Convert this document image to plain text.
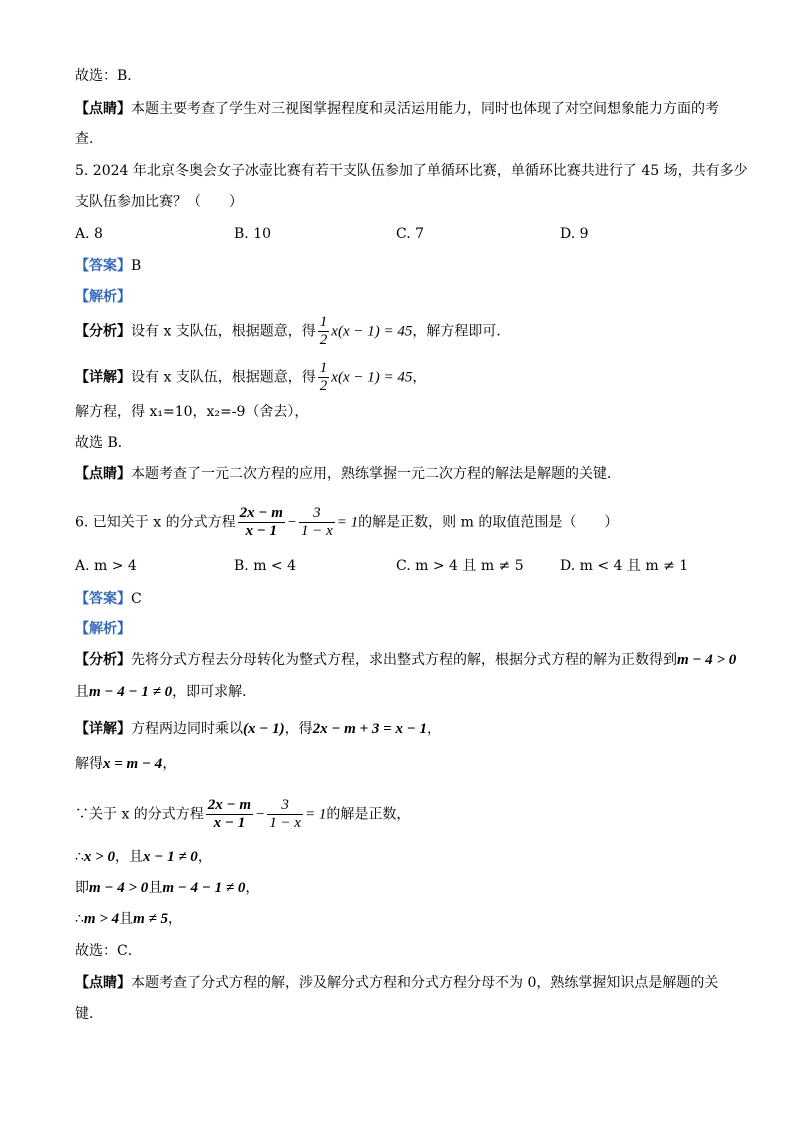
故选：B．
【点睛】本题主要考查了学生对三视图掌握程度和灵活运用能力，同时也体现了对空间想象能力方面的考
查．
5. 2024 年北京冬奥会女子冰壶比赛有若干支队伍参加了单循环比赛，单循环比赛共进行了 45 场，共有多少
支队伍参加比赛？（　　）
A. 8	B. 10	C. 7	D. 9
【答案】B
【解析】
【分析】设有 x 支队伍，根据题意，得 $\frac{1}{2} x(x - 1) = 45$，解方程即可．
【详解】设有 x 支队伍，根据题意，得 $\frac{1}{2} x(x - 1) = 45$，
解方程，得 x₁=10，x₂=-9（舍去），
故选 B．
【点睛】本题考查了一元二次方程的应用，熟练掌握一元二次方程的解法是解题的关键．
6. 已知关于 x 的分式方程 $\frac{2x - m}{x - 1} - \frac{3}{1 - x} = 1$的解是正数，则 m 的取值范围是（　　）
A. m > 4	B. m < 4	C. m > 4 且 m ≠ 5	D. m < 4 且 m ≠ 1
【答案】C
【解析】
【分析】先将分式方程去分母转化为整式方程，求出整式方程的解，根据分式方程的解为正数得到m − 4 > 0
且m − 4 − 1 ≠ 0，即可求解．
【详解】方程两边同时乘以(x − 1)，得2x − m + 3 = x − 1，
解得x = m − 4，
∵关于 x 的分式方程 $\frac{2x - m}{x - 1} - \frac{3}{1 - x} = 1$的解是正数，
∴x > 0，且x − 1 ≠ 0，
即m − 4 > 0且m − 4 − 1 ≠ 0，
∴m > 4且m ≠ 5，
故选：C．
【点睛】本题考查了分式方程的解，涉及解分式方程和分式方程分母不为 0，熟练掌握知识点是解题的关
键．
